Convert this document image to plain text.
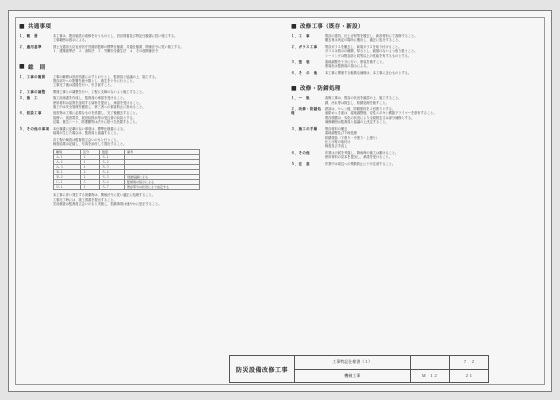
■ 共通事項
１．概　要	本工事は、既存施設の改修を行うものとし、設計図書及び特記仕様書に従い施工する。
工事範囲は図示による。
２．適用基準	国土交通省大臣官房官庁営繕部監修の標準仕様書、共通仕様書、関係法令に従い施工する。
１．建築基準法　２．消防法　３．労働安全衛生法　４．その他関係法令
■ 総　則
１．工事の範囲	工事の範囲は設計図書に示すとおりとし、監督員と協議の上、施工する。
既存部分への影響を最小限とし、養生を十分に行うこと。
工事完了後は清掃を行い、引き渡すこと。
２．工事の調整	関連工事との調整を行い、工程に支障のないよう施工すること。
３．施　工	施工計画書を作成し、監督員の承諾を受けること。
使用材料は品質を証明する資料を提出し、承諾を受けること。
施工中は安全管理を徹底し、第三者への被害防止に努めること。
４．仮設工事	仮設物は工事に必要なものを設置し、完了後撤去すること。
仮囲い、仮設電気、仮設給排水等は受注者の負担とする。
足場、養生シート、防護棚等は法令に基づき設置すること。
５．その他の事項	本仕様書に記載のない事項は、標準仕様書による。
疑義が生じた場合は、監督員と協議すること。
各工程の検査は監督員立会いのもと行うこと。
検査結果は記録し、写真を添付して提出すること。
種別	区分	数量	備考
Ａ-１	１	Ｓ-１	
Ａ-２	１	Ｓ-２	
Ａ-３	１	Ｓ-３	
Ｂ-１	２	Ｓ-４	
Ｂ-２	２	Ｓ-５	別途協議による
Ｃ-１	３	Ｓ-６	監督員の指示による
Ｄ-１	１	Ｓ-７	既存部分の状況により決定する
本工事に伴い発生する廃棄物は、関係法令に従い適正に処理すること。
工事完了時には、竣工図書を提出すること。
完成検査は監督員立会いのもと実施し、指摘事項は速やかに是正すること。
■ 改修工事（既存・新設）
１．工　事	既存の建具、仕上げ材等を撤去し、新設材料にて改修すること。
撤去材は所定の場所に搬出し、適正に処分すること。
２．ガラス工事	既存ガラスを撤去し、新規ガラスを取り付けること。
ガラスは図示の種類、厚さとし、破損のないよう取り扱うこと。
シーリングは既存部と同等以上の性能を有するものとする。
３．塗　装	素地調整を十分に行い、塗装を施すこと。
塗装色は監督員の指示による。
４．そ　の　他	本工事に関連する軽微な補修は、本工事に含むものとする。
■ 改修・防錆処理
１．一　般	改修工事は、既存の状況を確認の上、施工すること。
錆、汚れ等は除去し、防錆処理を施すこと。
２．改修・防錆処理
鉄部は、ケレン後、防錆塗料を２回塗りとする。
亜鉛めっき面は、素地調整後、変性エポキシ樹脂プライマーを塗布すること。
既存塗膜は、劣化の状況により全面除去又は部分補修とする。
補修範囲は監督員と協議の上決定すること。
３．施工の手順	既存材料の撤去
素地調整及び下地処理
防錆塗装（下塗り・中塗り・上塗り）
仕上げ材の取付け
検査及び手直し
４．その他	作業は天候を考慮し、降雨時の施工は避けること。
使用材料の見本を提出し、承諾を受けること。
５．注　意	作業中は周辺への飛散防止に十分注意すること。
防災設備改修工事
工事特記仕様書（１）	７　２
機械工事	Ｍ　１２	２１
